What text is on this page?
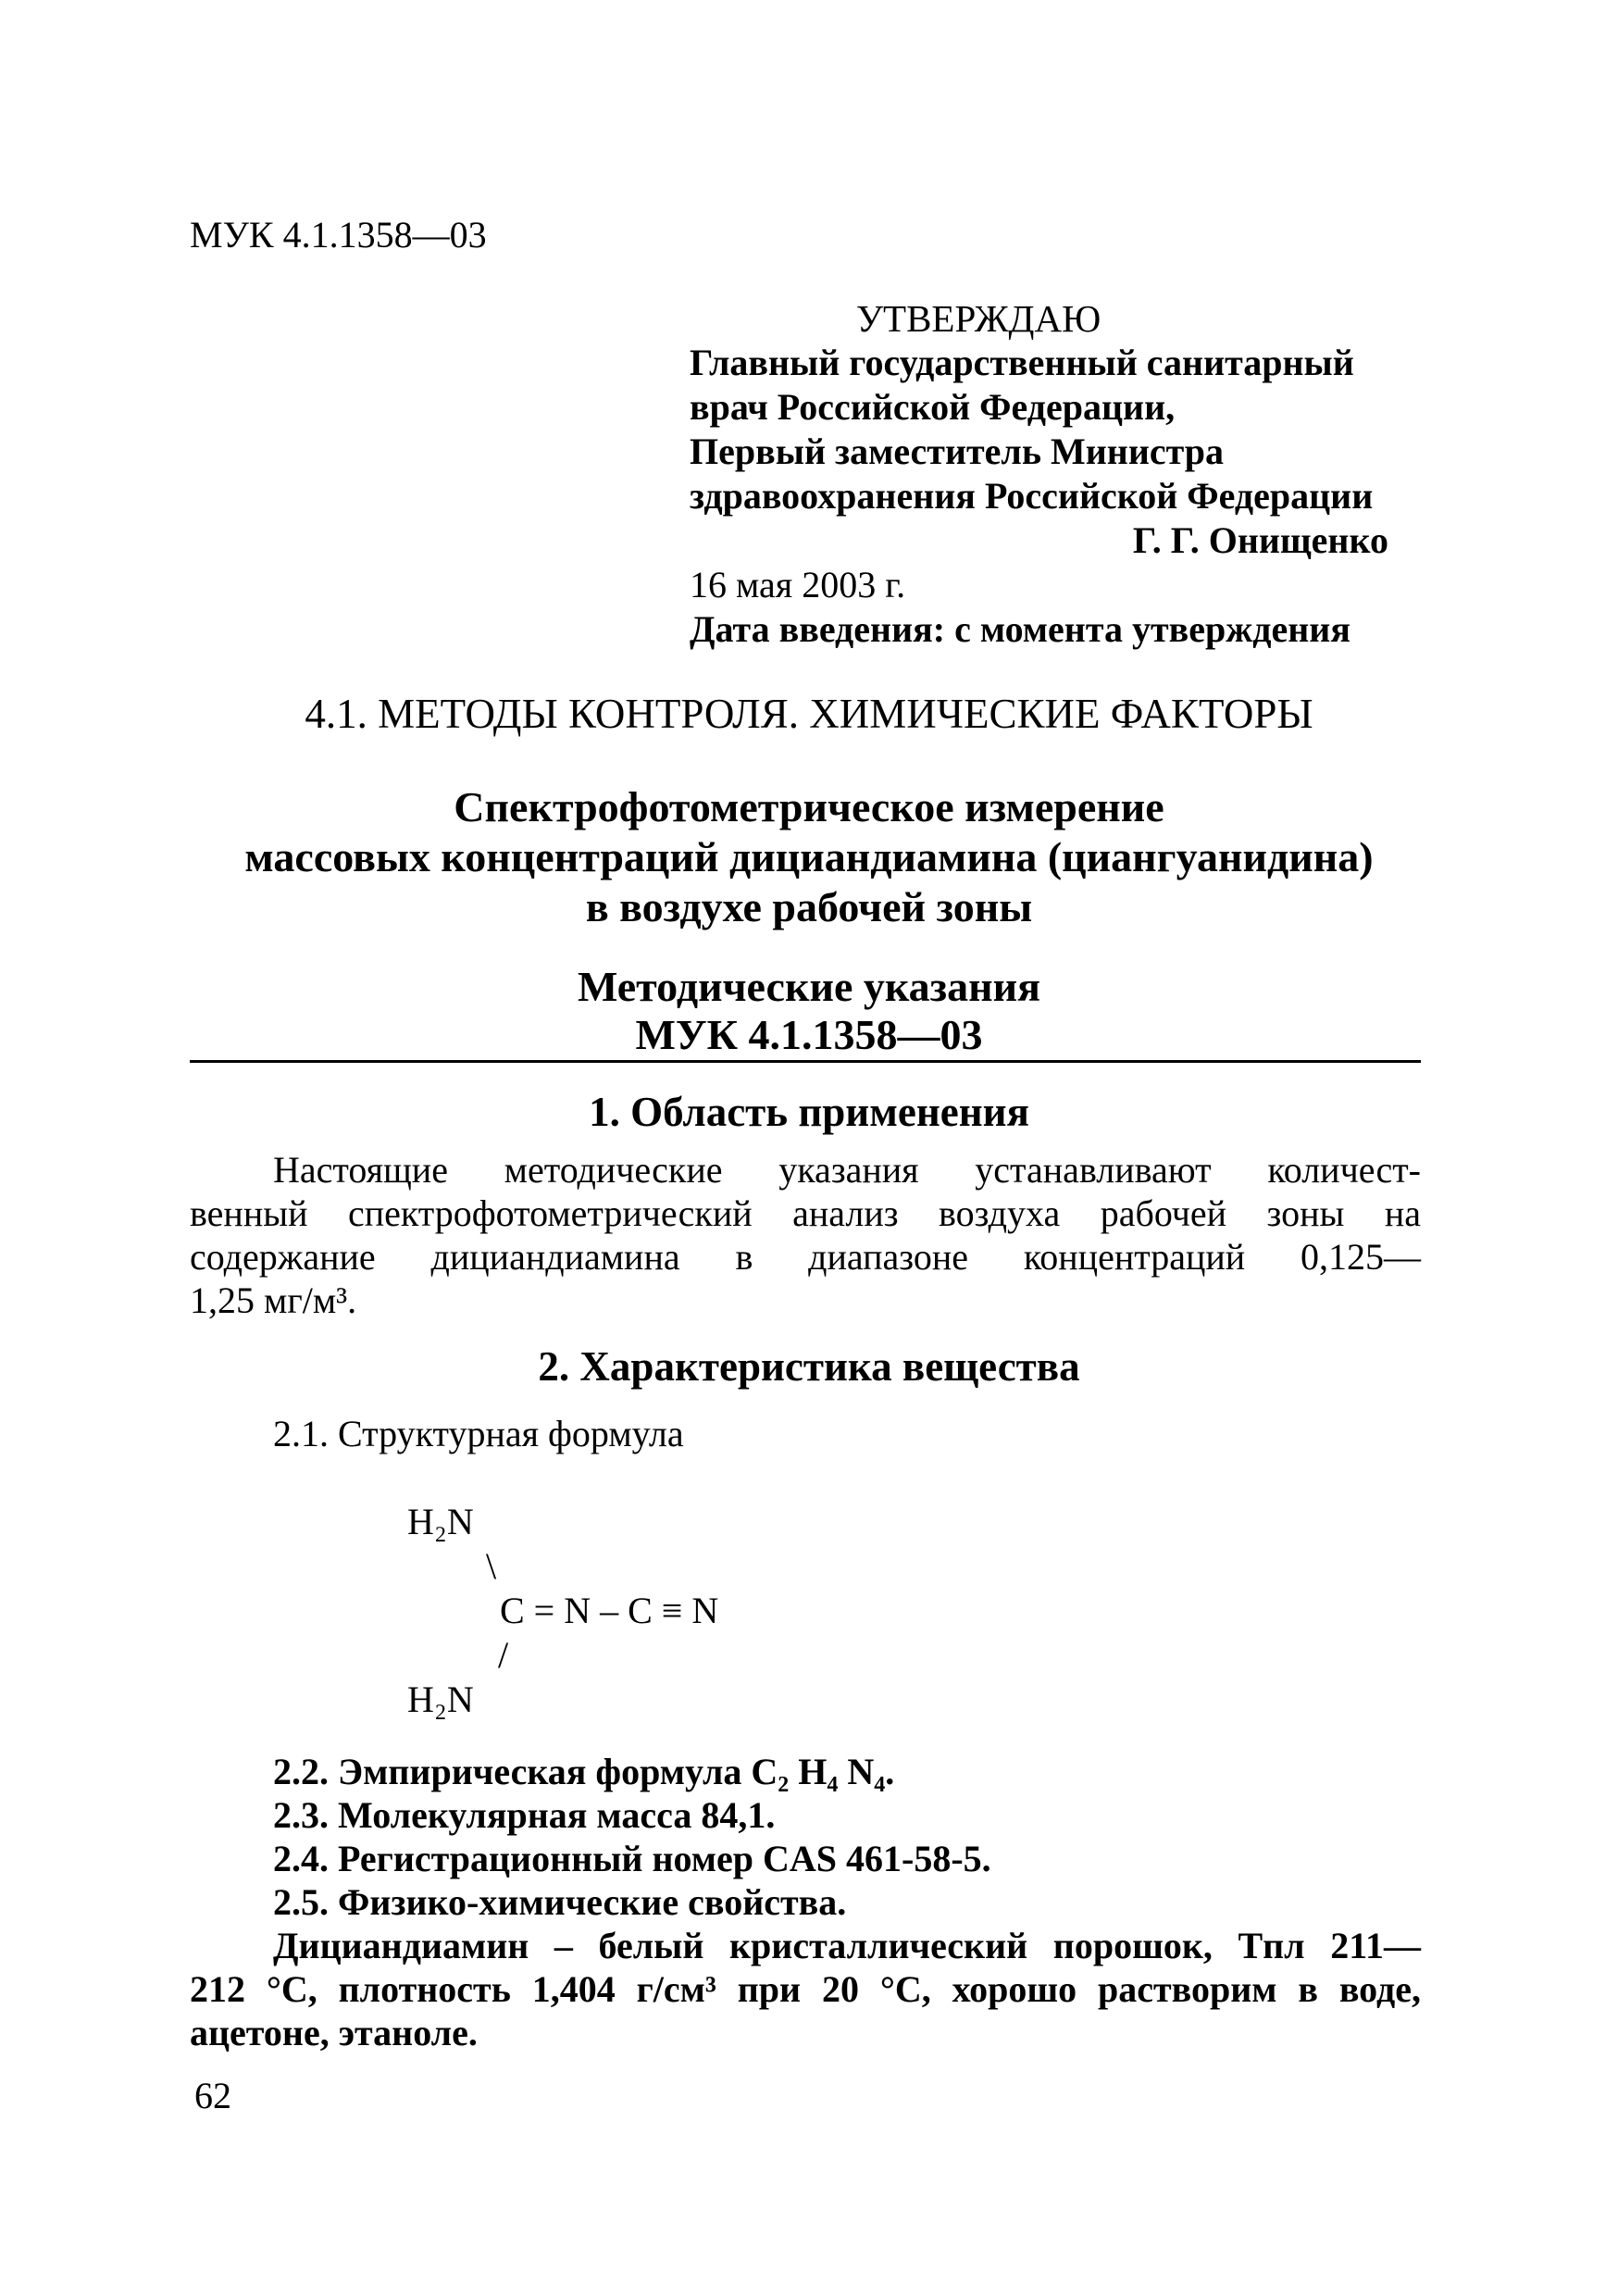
МУК 4.1.1358—03
УТВЕРЖДАЮ
Главный государственный санитарный
врач Российской Федерации,
Первый заместитель Министра
здравоохранения Российской Федерации
Г. Г. Онищенко
16 мая 2003 г.
Дата введения: с момента утверждения
4.1. МЕТОДЫ КОНТРОЛЯ. ХИМИЧЕСКИЕ ФАКТОРЫ
Спектрофотометрическое измерение
массовых концентраций дициандиамина (циангуанидина)
в воздухе рабочей зоны
Методические указания
МУК 4.1.1358—03
1. Область применения
Настоящие методические указания устанавливают количест-
венный спектрофотометрический анализ воздуха рабочей зоны на
содержание дициандиамина в диапазоне концентраций 0,125—
1,25 мг/м³.
2. Характеристика вещества
2.1. Структурная формула
H₂N
\
C = N – C ≡ N
/
H₂N
2.2. Эмпирическая формула C₂ H₄ N₄.
2.3. Молекулярная масса 84,1.
2.4. Регистрационный номер CAS 461-58-5.
2.5. Физико-химические свойства.
Дициандиамин – белый кристаллический порошок, Tпл 211—
212 °С, плотность 1,404 г/см³ при 20 °С, хорошо растворим в воде,
ацетоне, этаноле.
62
